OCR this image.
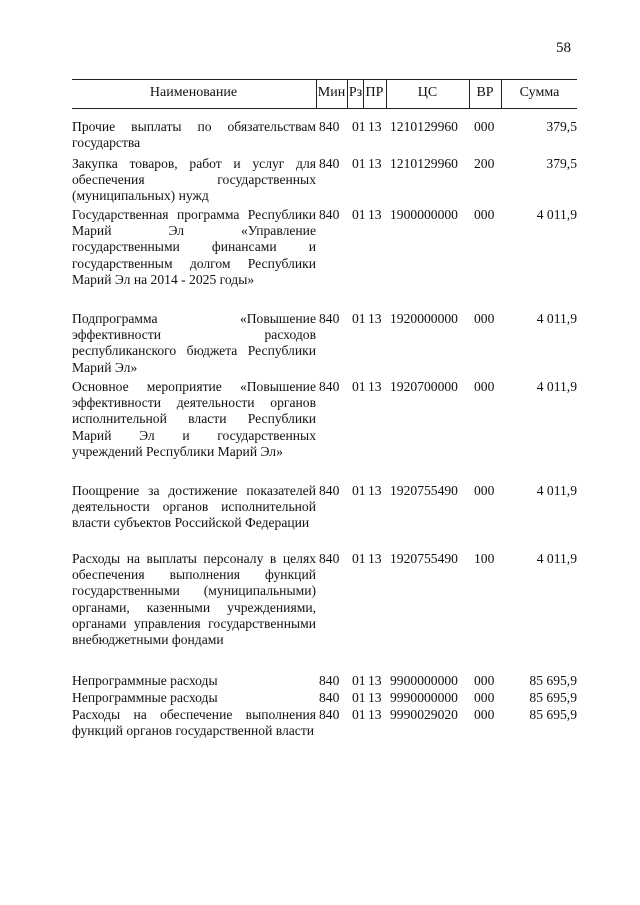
58
Наименование	Мин Рз ПР	ЦС	ВР	Сумма
Прочие выплаты по обязательствам государства
840 01 13 1210129960 000	379,5
Закупка товаров, работ и услуг для обеспечения государственных (муниципальных) нужд
840 01 13 1210129960 200	379,5
Государственная программа Республики Марий Эл «Управление государственными финансами и государственным долгом Республики Марий Эл на 2014 - 2025 годы»
840 01 13 1900000000 000	4 011,9
Подпрограмма «Повышение эффективности расходов республиканского бюджета Республики Марий Эл»
840 01 13 1920000000 000	4 011,9
Основное мероприятие «Повышение эффективности деятельности органов исполнительной власти Республики Марий Эл и государственных учреждений Республики Марий Эл»
840 01 13 1920700000 000	4 011,9
Поощрение за достижение показателей деятельности органов исполнительной власти субъектов Российской Федерации
840 01 13 1920755490 000	4 011,9
Расходы на выплаты персоналу в целях обеспечения выполнения функций государственными (муниципальными) органами, казенными учреждениями, органами управления государственными внебюджетными фондами
840 01 13 1920755490 100	4 011,9
Непрограммные расходы	840 01 13 9900000000 000	85 695,9
Непрограммные расходы	840 01 13 9990000000 000	85 695,9
Расходы на обеспечение выполнения функций органов государственной власти
840 01 13 9990029020 000	85 695,9
